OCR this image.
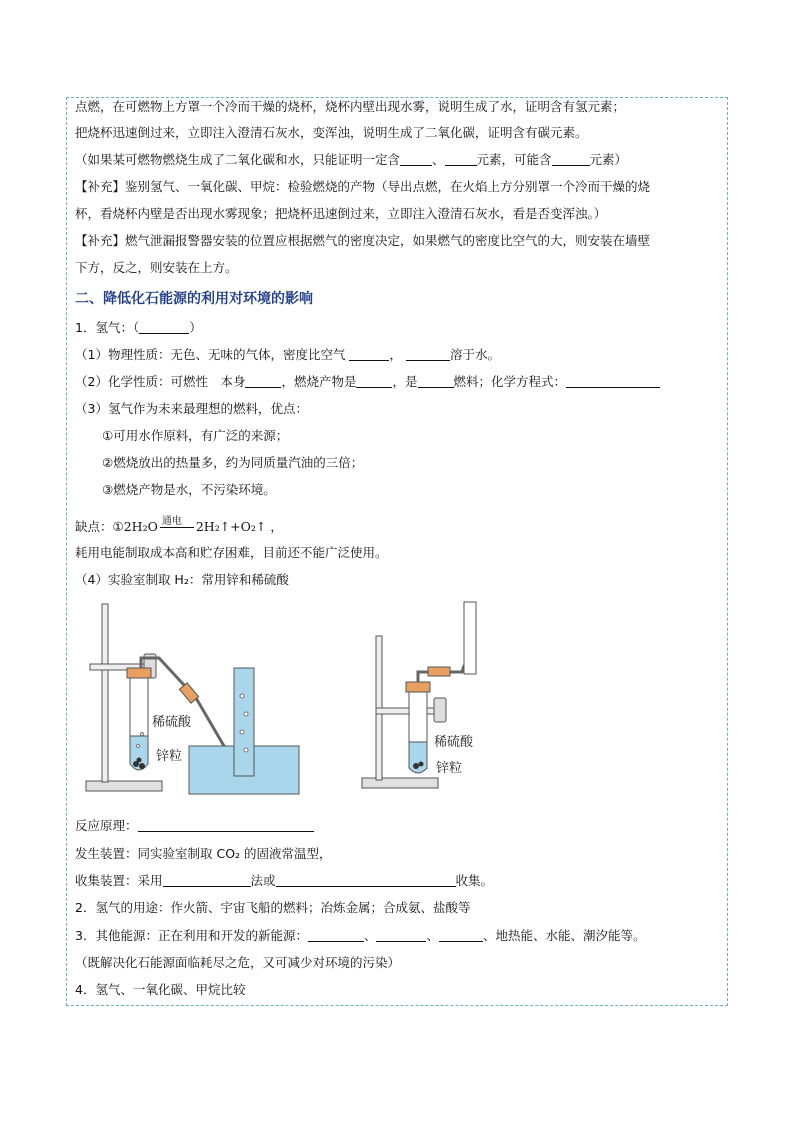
点燃，在可燃物上方罩一个冷而干燥的烧杯，烧杯内壁出现水雾，说明生成了水，证明含有氢元素；
把烧杯迅速倒过来，立即注入澄清石灰水，变浑浊，说明生成了二氧化碳，证明含有碳元素。
（如果某可燃物燃烧生成了二氧化碳和水，只能证明一定含	、	元素，可能含	元素）
【补充】鉴别氢气、一氧化碳、甲烷：检验燃烧的产物（导出点燃，在火焰上方分别罩一个冷而干燥的烧
杯，看烧杯内壁是否出现水雾现象；把烧杯迅速倒过来，立即注入澄清石灰水，看是否变浑浊。）
【补充】燃气泄漏报警器安装的位置应根据燃气的密度决定，如果燃气的密度比空气的大，则安装在墙壁
下方，反之，则安装在上方。
二、降低化石能源的利用对环境的影响
1．氢气：（	）
（1）物理性质：无色、无味的气体，密度比空气	，	溶于水。
（2）化学性质：可燃性　本身	，燃烧产物是	，是	燃料；化学方程式：
（3）氢气作为未来最理想的燃料，优点：
①可用水作原料，有广泛的来源；
②燃烧放出的热量多，约为同质量汽油的三倍；
③燃烧产物是水，不污染环境。
缺点：①2H₂O 通电 2H₂↑+O₂↑ ，
耗用电能制取成本高和贮存困难，目前还不能广泛使用。
（4）实验室制取 H₂：常用锌和稀硫酸
稀硫酸
锌粒
稀硫酸
锌粒
反应原理：
发生装置：同实验室制取 CO₂ 的固液常温型，
收集装置：采用	法或	收集。
2．氢气的用途：作火箭、宇宙飞船的燃料；冶炼金属；合成氨、盐酸等
3．其他能源：正在利用和开发的新能源：	、	、	、地热能、水能、潮汐能等。
（既解决化石能源面临耗尽之危，又可减少对环境的污染）
4．氢气、一氧化碳、甲烷比较
